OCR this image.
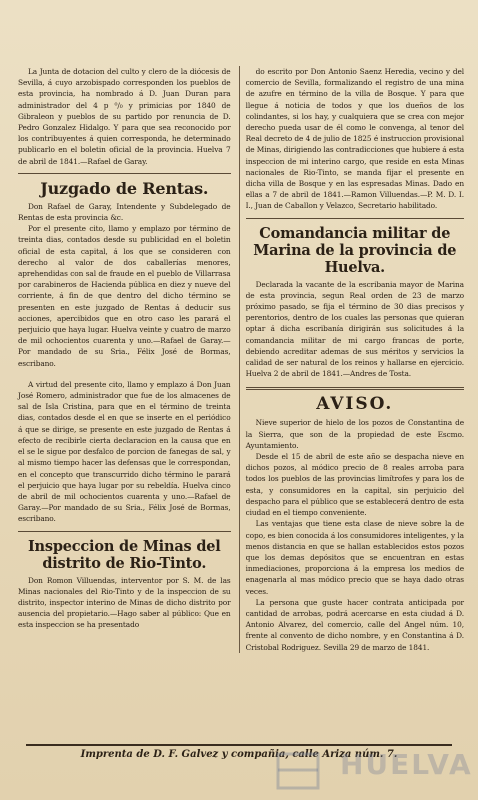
La Junta de dotacion del culto y clero de la diócesis de Sevilla, á cuyo arzobispado corresponden los pueblos de esta provincia, ha nombrado á D. Juan Duran para administrador del 4 p ⁰/₀ y primicias por 1840 de Gibraleon y pueblos de su partido por renuncia de D. Pedro Gonzalez Hidalgo. Y para que sea reconocido por los contribuyentes á quien corresponda, he determinado publicarlo en el boletin oficial de la provincia. Huelva 7 de abril de 1841.—Rafael de Garay.

Juzgado de Rentas.

Don Rafael de Garay, Intendente y Subdelegado de Rentas de esta provincia &c.

Por el presente cito, llamo y emplazo por término de treinta dias, contados desde su publicidad en el boletin oficial de esta capital, á los que se consideren con derecho al valor de dos caballerías menores, aprehendidas con sal de fraude en el pueblo de Villarrasa por carabineros de Hacienda pública en diez y nueve del corriente, á fin de que dentro del dicho término se presenten en este juzgado de Rentas á deducir sus acciones, apercibidos que en otro caso les parará el perjuicio que haya lugar. Huelva veinte y cuatro de marzo de mil ochocientos cuarenta y uno.—Rafael de Garay.—Por mandado de su Sria., Félix José de Bormas, escribano.

A virtud del presente cito, llamo y emplazo á Don Juan José Romero, administrador que fue de los almacenes de sal de Isla Cristina, para que en el término de treinta dias, contados desde el en que se inserte en el periódico á que se dirige, se presente en este juzgado de Rentas á efecto de recibirle cierta declaracion en la causa que en el se le sigue por desfalco de porcion de fanegas de sal, y al mismo tiempo hacer las defensas que le correspondan, en el concepto que transcurrido dicho término le parará el perjuicio que haya lugar por su rebeldía. Huelva cinco de abril de mil ochocientos cuarenta y uno.—Rafael de Garay.—Por mandado de su Sria., Félix José de Bormas, escribano.

Inspeccion de Minas del distrito de Rio-Tinto.

Don Romon Villuendas, interventor por S. M. de las Minas nacionales del Rio-Tinto y de la inspeccion de su distrito, inspector interino de Minas de dicho distrito por ausencia del propietario.—Hago saber al público: Que en esta inspeccion se ha presentado

do escrito por Don Antonio Saenz Heredia, vecino y del comercio de Sevilla, formalizando el registro de una mina de azufre en término de la villa de Bosque. Y para que llegue á noticia de todos y que los dueños de los colindantes, si los hay, y cualquiera que se crea con mejor derecho pueda usar de él como le convenga, al tenor del Real decreto de 4 de julio de 1825 é instruccion provisional de Minas, dirigiendo las contradicciones que hubiere á esta inspeccion de mi interino cargo, que reside en esta Minas nacionales de Rio-Tinto, se manda fijar el presente en dicha villa de Bosque y en las espresadas Minas. Dado en ellas a 7 de abril de 1841.—Ramon Villuendas.—P. M. D. I. I., Juan de Caballon y Velazco, Secretario habilitado.

Comandancia militar de Marina de la provincia de Huelva.

Declarada la vacante de la escribania mayor de Marina de esta provincia, segun Real orden de 23 de marzo próximo pasado, se fija el término de 30 dias precisos y perentorios, dentro de los cuales las personas que quieran optar á dicha escribanía dirigirán sus solicitudes á la comandancia militar de mi cargo francas de porte, debiendo acreditar ademas de sus méritos y servicios la calidad de ser natural de los reinos y hallarse en ejercicio. Huelva 2 de abril de 1841.—Andres de Tosta.

AVISO.

Nieve superior de hielo de los pozos de Constantina de la Sierra, que son de la propiedad de este Escmo. Ayuntamiento.

Desde el 15 de abril de este año se despacha nieve en dichos pozos, al módico precio de 8 reales arroba para todos los pueblos de las provincias limítrofes y para los de esta, y consumidores en la capital, sin perjuicio del despacho para el público que se establecerá dentro de esta ciudad en el tiempo conveniente.

Las ventajas que tiene esta clase de nieve sobre la de copo, es bien conocida á los consumidores inteligentes, y la menos distancia en que se hallan establecidos estos pozos que los demas depósitos que se encuentran en estas inmediaciones, proporciona á la empresa los medios de enagenarla al mas módico precio que se haya dado otras veces.

La persona que guste hacer contrata anticipada por cantidad de arrobas, podrá acercarse en esta ciudad á D. Antonio Alvarez, del comercio, calle del Angel núm. 10, frente al convento de dicho nombre, y en Constantina á D. Cristobal Rodriguez. Sevilla 29 de marzo de 1841.

Imprenta de D. F. Galvez y compañia, calle Ariza núm. 7.
HUELVA
